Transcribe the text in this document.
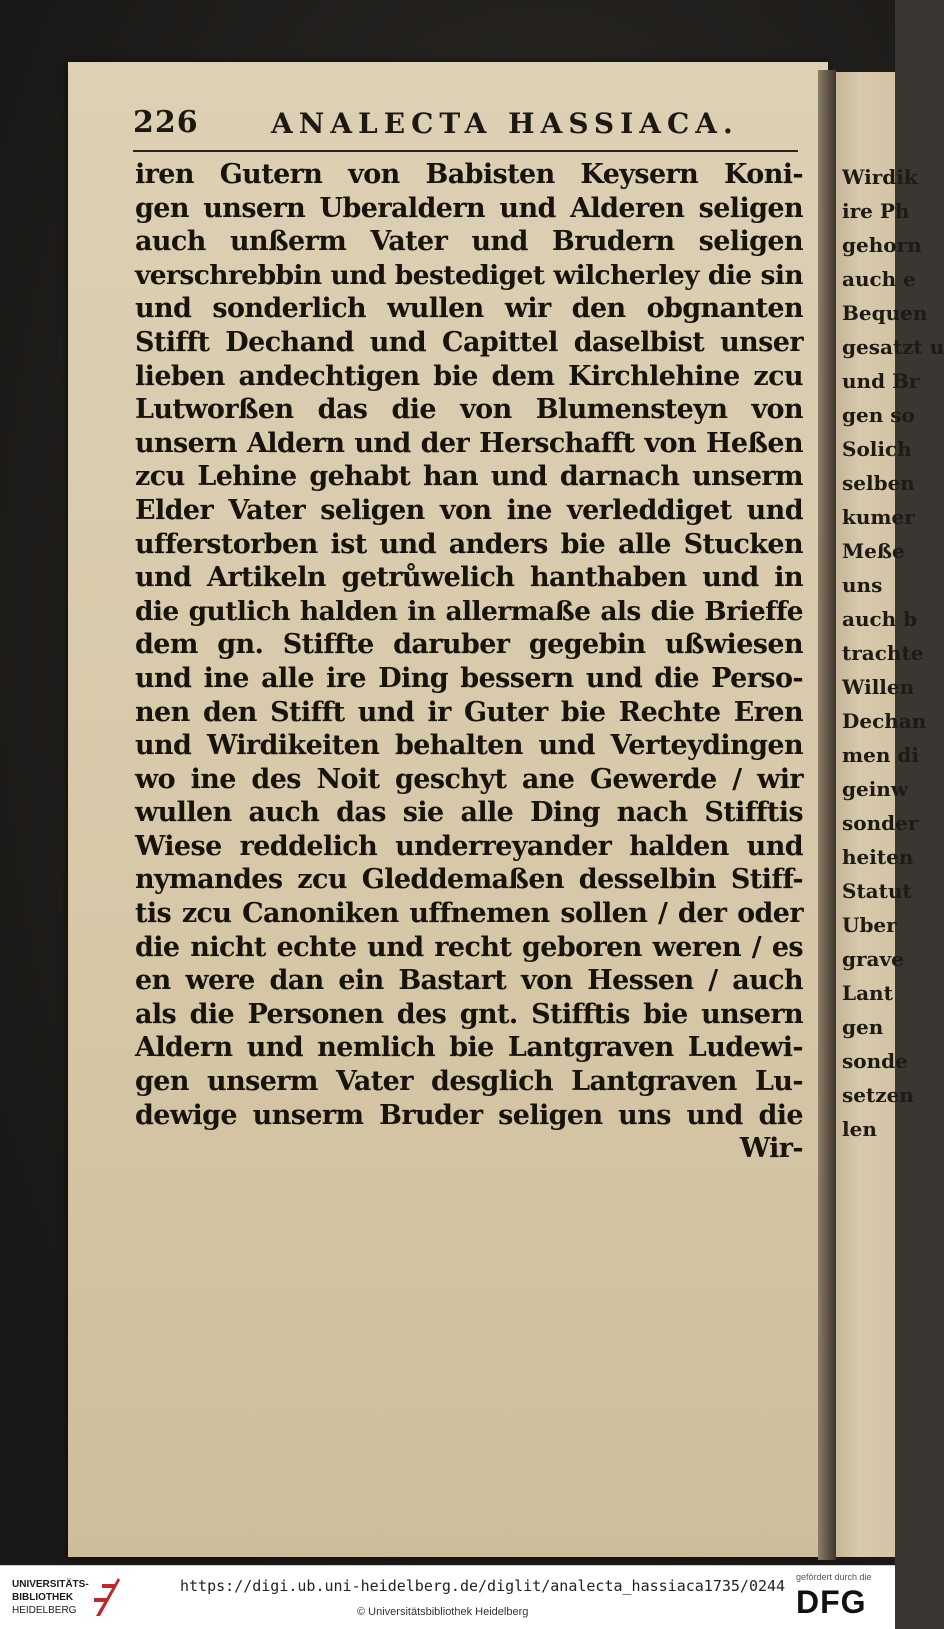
226	ANALECTA HASSIACA.
iren Gutern von Babisten Keysern Koni-
gen unsern Uberaldern und Alderen seligen
auch unßerm Vater und Brudern seligen
verschrebbin und bestediget wilcherley die sin
und sonderlich wullen wir den obgnanten
Stifft Dechand und Capittel daselbist unser
lieben andechtigen bie dem Kirchlehine zcu
Lutworßen das die von Blumensteyn von
unsern Aldern und der Herschafft von Heßen
zcu Lehine gehabt han und darnach unserm
Elder Vater seligen von ine verleddiget und
ufferstorben ist und anders bie alle Stucken
und Artikeln getrůwelich hanthaben und in
die gutlich halden in allermaße als die Brieffe
dem gn. Stiffte daruber gegebin ußwiesen
und ine alle ire Ding bessern und die Perso-
nen den Stifft und ir Guter bie Rechte Eren
und Wirdikeiten behalten und Verteydingen
wo ine des Noit geschyt ane Gewerde / wir
wullen auch das sie alle Ding nach Stifftis
Wiese reddelich underreyander halden und
nymandes zcu Gleddemaßen desselbin Stiff-
tis zcu Canoniken uffnemen sollen / der oder
die nicht echte und recht geboren weren / es
en were dan ein Bastart von Hessen / auch
als die Personen des gnt. Stifftis bie unsern
Aldern und nemlich bie Lantgraven Ludewi-
gen unserm Vater desglich Lantgraven Lu-
dewige unserm Bruder seligen uns und die
Wir-
Wirdik
ire Ph
gehorn
auch e
Bequen
gesatzt u
und Br
gen so
Solich
selben
kumer
Meße
uns
auch b
trachte
Willen
Dechan
men di
geinw
sonder
heiten
Statut
Uber
grave
Lant
gen
sonde
setzen
len
UNIVERSITÄTS-
BIBLIOTHEK
HEIDELBERG
https://digi.ub.uni-heidelberg.de/diglit/analecta_hassiaca1735/0244
© Universitätsbibliothek Heidelberg
gefördert durch die
DFG
